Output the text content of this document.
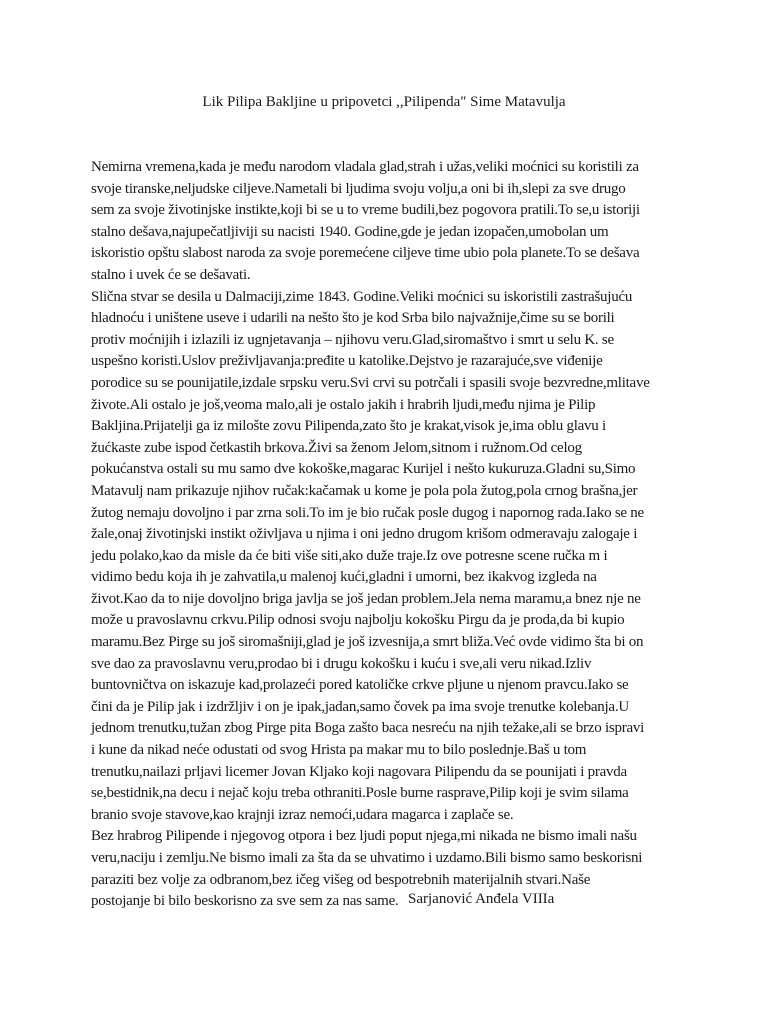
Lik Pilipa Bakljine u pripovetci ,,Pilipenda" Sime Matavulja
Nemirna vremena,kada je među narodom vladala glad,strah i užas,veliki moćnici su koristili za
svoje tiranske,neljudske ciljeve.Nametali bi ljudima svoju volju,a oni bi ih,slepi za sve drugo
sem za svoje životinjske instikte,koji bi se u to vreme budili,bez pogovora pratili.To se,u istoriji
stalno dešava,najupečatljiviji su nacisti 1940. Godine,gde je jedan izopačen,umobolan um
iskoristio opštu slabost naroda za svoje poremećene ciljeve time ubio pola planete.To se dešava
stalno i uvek će se dešavati.
Slična stvar se desila u Dalmaciji,zime 1843. Godine.Veliki moćnici su iskoristili zastrašujuću
hladnoću i uništene useve i udarili na nešto što je kod Srba bilo najvažnije,čime su se borili
protiv moćnijih i izlazili iz ugnjetavanja – njihovu veru.Glad,siromaštvo i smrt u selu K. se
uspešno koristi.Uslov preživljavanja:pređite u katolike.Dejstvo je razarajuće,sve viđenije
porodice su se pounijatile,izdale srpsku veru.Svi crvi su potrčali i spasili svoje bezvredne,mlitave
živote.Ali ostalo je još,veoma malo,ali je ostalo jakih i hrabrih ljudi,među njima je Pilip
Bakljina.Prijatelji ga iz milošte zovu Pilipenda,zato što je krakat,visok je,ima oblu glavu i
žućkaste zube ispod četkastih brkova.Živi sa ženom Jelom,sitnom i ružnom.Od celog
pokućanstva ostali su mu samo dve kokoške,magarac Kurijel i nešto kukuruza.Gladni su,Simo
Matavulj nam prikazuje njihov ručak:kačamak u kome je pola pola žutog,pola crnog brašna,jer
žutog nemaju dovoljno i par zrna soli.To im je bio ručak posle dugog i napornog rada.Iako se ne
žale,onaj životinjski instikt oživljava u njima i oni jedno drugom krišom odmeravaju zalogaje i
jedu polako,kao da misle da će biti više siti,ako duže traje.Iz ove potresne scene ručka m i
vidimo bedu koja ih je zahvatila,u malenoj kući,gladni i umorni, bez ikakvog izgleda na
život.Kao da to nije dovoljno briga javlja se još jedan problem.Jela nema maramu,a bnez nje ne
može u pravoslavnu crkvu.Pilip odnosi svoju najbolju kokošku Pirgu da je proda,da bi kupio
maramu.Bez Pirge su još siromašniji,glad je još izvesnija,a smrt bliža.Već ovde vidimo šta bi on
sve dao za pravoslavnu veru,prodao bi i drugu kokošku i kuću i sve,ali veru nikad.Izliv
buntovničtva on iskazuje kad,prolazeći pored katoličke crkve pljune u njenom pravcu.Iako se
čini da je Pilip jak i izdržljiv i on je ipak,jadan,samo čovek pa ima svoje trenutke kolebanja.U
jednom trenutku,tužan zbog Pirge pita Boga zašto baca nesreću na njih težake,ali se brzo ispravi
i kune da nikad neće odustati od svog Hrista pa makar mu to bilo poslednje.Baš u tom
trenutku,nailazi prljavi licemer Jovan Kljako koji nagovara Pilipendu da se pounijati i pravda
se,bestidnik,na decu i nejač koju treba othraniti.Posle burne rasprave,Pilip koji je svim silama
branio svoje stavove,kao krajnji izraz nemoći,udara magarca i zaplače se.
Bez hrabrog Pilipende i njegovog otpora i bez ljudi poput njega,mi nikada ne bismo imali našu
veru,naciju i zemlju.Ne bismo imali za šta da se uhvatimo i uzdamo.Bili bismo samo beskorisni
paraziti bez volje za odbranom,bez ičeg višeg od bespotrebnih materijalnih stvari.Naše
postojanje bi bilo beskorisno za sve sem za nas same. Sarjanović Anđela VIIIa
